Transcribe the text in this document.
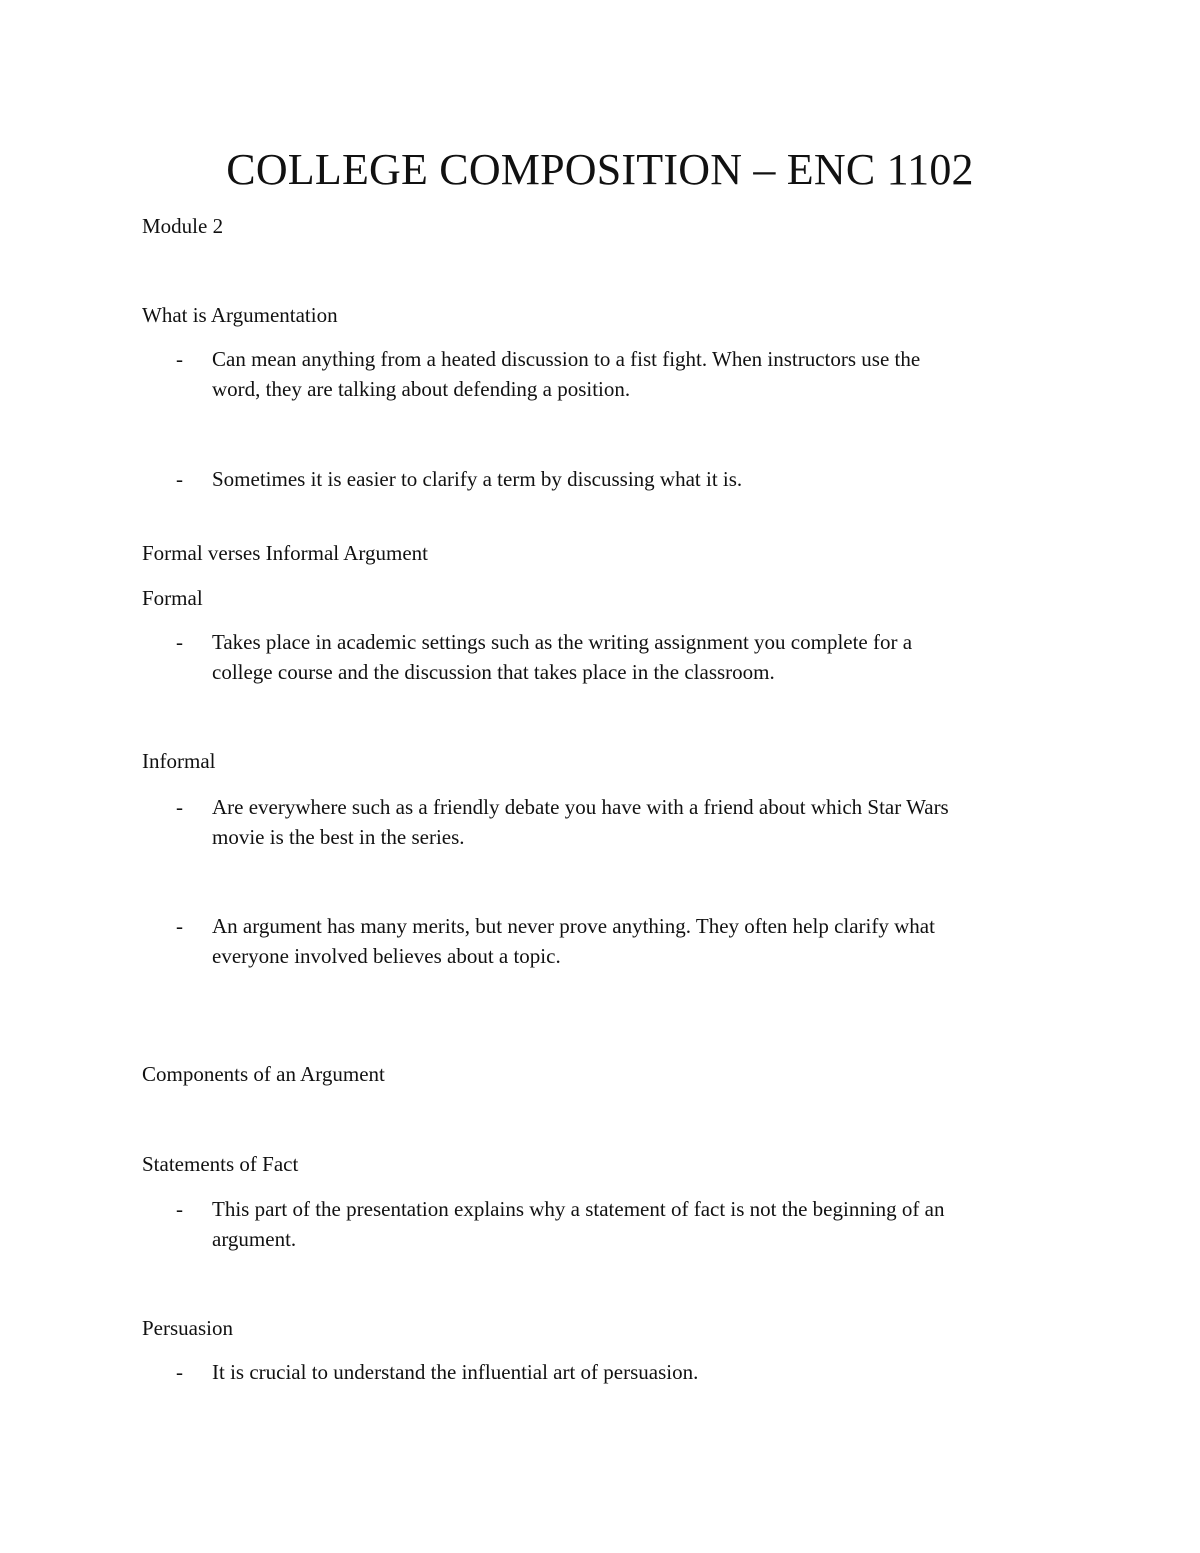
COLLEGE COMPOSITION – ENC 1102
Module 2
What is Argumentation
- Can mean anything from a heated discussion to a fist fight. When instructors use the
word, they are talking about defending a position.
- Sometimes it is easier to clarify a term by discussing what it is.
Formal verses Informal Argument
Formal
- Takes place in academic settings such as the writing assignment you complete for a
college course and the discussion that takes place in the classroom.
Informal
- Are everywhere such as a friendly debate you have with a friend about which Star Wars
movie is the best in the series.
- An argument has many merits, but never prove anything. They often help clarify what
everyone involved believes about a topic.
Components of an Argument
Statements of Fact
- This part of the presentation explains why a statement of fact is not the beginning of an
argument.
Persuasion
- It is crucial to understand the influential art of persuasion.
